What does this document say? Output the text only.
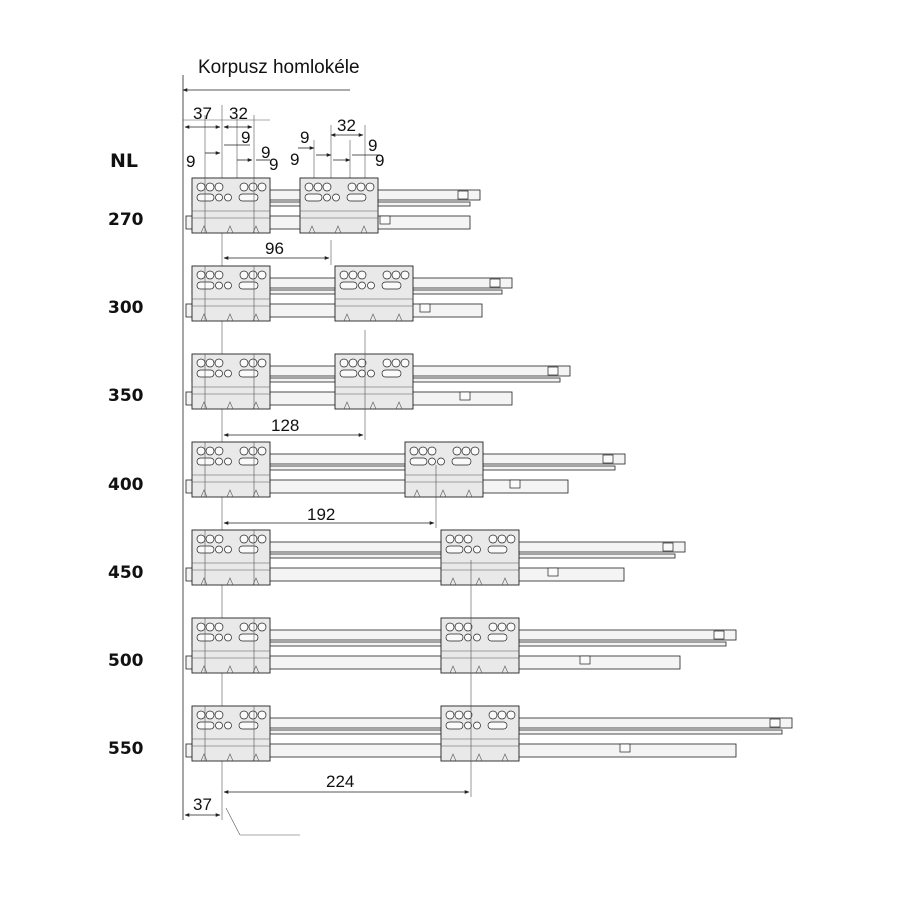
Korpusz homlokéle
NL
37 32
9
9
9
9
32
9
9
9
9
270
300
350
400
450
500
550
96
128
192
224
37
